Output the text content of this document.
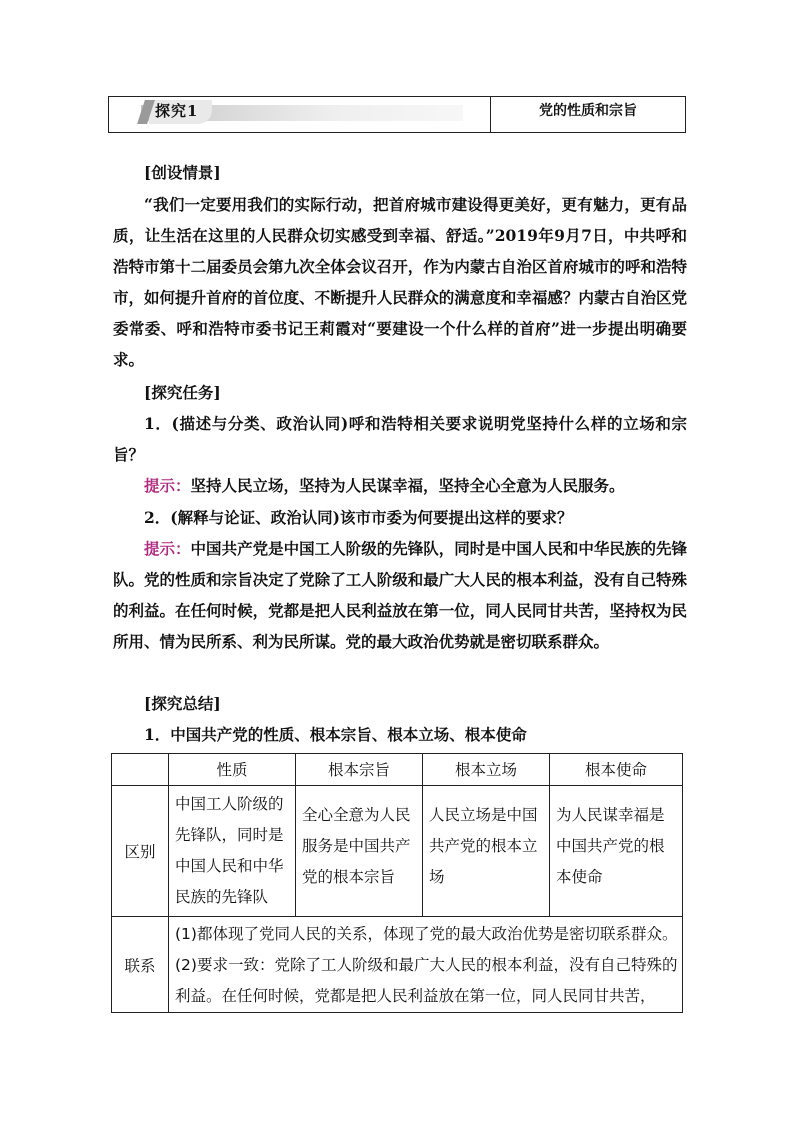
探究1	党的性质和宗旨
[创设情景]
“我们一定要用我们的实际行动，把首府城市建设得更美好，更有魅力，更有品质，让生活在这里的人民群众切实感受到幸福、舒适。”2019年9月7日，中共呼和浩特市第十二届委员会第九次全体会议召开，作为内蒙古自治区首府城市的呼和浩特市，如何提升首府的首位度、不断提升人民群众的满意度和幸福感？内蒙古自治区党委常委、呼和浩特市委书记王莉霞对“要建设一个什么样的首府”进一步提出明确要求。
[探究任务]
1．(描述与分类、政治认同)呼和浩特相关要求说明党坚持什么样的立场和宗旨？
提示：坚持人民立场，坚持为人民谋幸福，坚持全心全意为人民服务。
2．(解释与论证、政治认同)该市市委为何要提出这样的要求？
提示：中国共产党是中国工人阶级的先锋队，同时是中国人民和中华民族的先锋队。党的性质和宗旨决定了党除了工人阶级和最广大人民的根本利益，没有自己特殊的利益。在任何时候，党都是把人民利益放在第一位，同人民同甘共苦，坚持权为民所用、情为民所系、利为民所谋。党的最大政治优势就是密切联系群众。
[探究总结]
1．中国共产党的性质、根本宗旨、根本立场、根本使命
	性质	根本宗旨	根本立场	根本使命
区别	中国工人阶级的先锋队，同时是中国人民和中华民族的先锋队	全心全意为人民服务是中国共产党的根本宗旨	人民立场是中国共产党的根本立场	为人民谋幸福是中国共产党的根本使命
联系	(1)都体现了党同人民的关系，体现了党的最大政治优势是密切联系群众。
(2)要求一致：党除了工人阶级和最广大人民的根本利益，没有自己特殊的利益。在任何时候，党都是把人民利益放在第一位，同人民同甘共苦，			
